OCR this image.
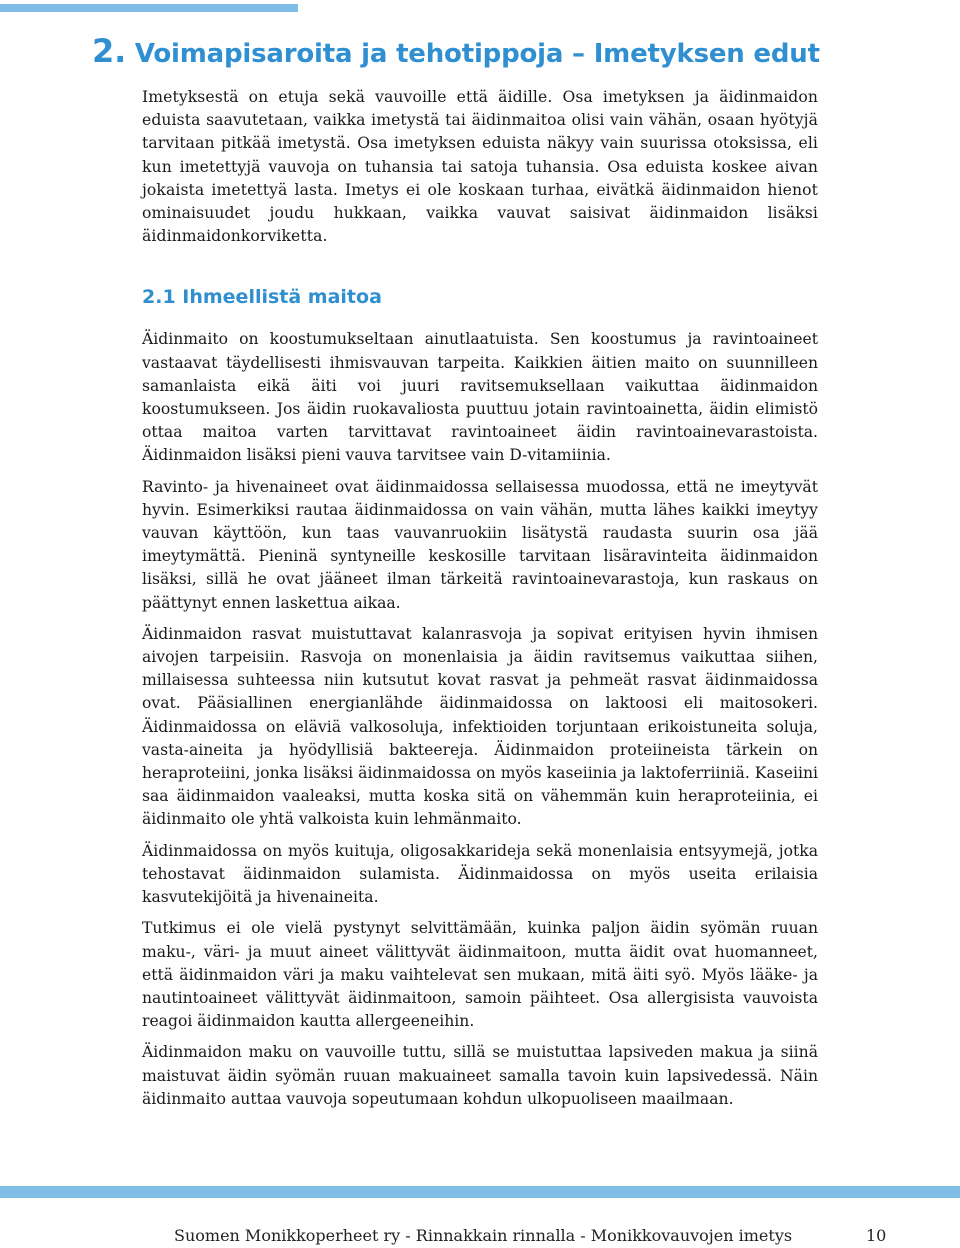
2. Voimapisaroita ja tehotippoja – Imetyksen edut

Imetyksestä on etuja sekä vauvoille että äidille. Osa imetyksen ja äidinmaidon eduista saavutetaan, vaikka imetystä tai äidinmaitoa olisi vain vähän, osaan hyötyjä tarvitaan pitkää imetystä. Osa imetyksen eduista näkyy vain suurissa otoksissa, eli kun imetettyjä vauvoja on tuhansia tai satoja tuhansia. Osa eduista koskee aivan jokaista imetettyä lasta. Imetys ei ole koskaan turhaa, eivätkä äidinmaidon hienot ominaisuudet joudu hukkaan, vaikka vauvat saisivat äidinmaidon lisäksi äidinmaidonkorviketta.

2.1 Ihmeellistä maitoa

Äidinmaito on koostumukseltaan ainutlaatuista. Sen koostumus ja ravintoaineet vastaavat täydellisesti ihmisvauvan tarpeita. Kaikkien äitien maito on suunnilleen samanlaista eikä äiti voi juuri ravitsemuksellaan vaikuttaa äidinmaidon koostumukseen. Jos äidin ruokavaliosta puuttuu jotain ravintoainetta, äidin elimistö ottaa maitoa varten tarvittavat ravintoaineet äidin ravintoainevarastoista. Äidinmaidon lisäksi pieni vauva tarvitsee vain D-vitamiinia.

Ravinto- ja hivenaineet ovat äidinmaidossa sellaisessa muodossa, että ne imeytyvät hyvin. Esimerkiksi rautaa äidinmaidossa on vain vähän, mutta lähes kaikki imeytyy vauvan käyttöön, kun taas vauvanruokiin lisätystä raudasta suurin osa jää imeytymättä. Pieninä syntyneille keskosille tarvitaan lisäravinteita äidinmaidon lisäksi, sillä he ovat jääneet ilman tärkeitä ravintoainevarastoja, kun raskaus on päättynyt ennen laskettua aikaa.

Äidinmaidon rasvat muistuttavat kalanrasvoja ja sopivat erityisen hyvin ihmisen aivojen tarpeisiin. Rasvoja on monenlaisia ja äidin ravitsemus vaikuttaa siihen, millaisessa suhteessa niin kutsutut kovat rasvat ja pehmeät rasvat äidinmaidossa ovat. Pääsiallinen energianlähde äidinmaidossa on laktoosi eli maitosokeri. Äidinmaidossa on eläviä valkosoluja, infektioiden torjuntaan erikoistuneita soluja, vasta-aineita ja hyödyllisiä bakteereja. Äidinmaidon proteiineista tärkein on heraproteiini, jonka lisäksi äidinmaidossa on myös kaseiinia ja laktoferriiniä. Kaseiini saa äidinmaidon vaaleaksi, mutta koska sitä on vähemmän kuin heraproteiinia, ei äidinmaito ole yhtä valkoista kuin lehmänmaito.

Äidinmaidossa on myös kuituja, oligosakkarideja sekä monenlaisia entsyymejä, jotka tehostavat äidinmaidon sulamista. Äidinmaidossa on myös useita erilaisia kasvutekijöitä ja hivenaineita.

Tutkimus ei ole vielä pystynyt selvittämään, kuinka paljon äidin syömän ruuan maku-, väri- ja muut aineet välittyvät äidinmaitoon, mutta äidit ovat huomanneet, että äidinmaidon väri ja maku vaihtelevat sen mukaan, mitä äiti syö. Myös lääke- ja nautintoaineet välittyvät äidinmaitoon, samoin päihteet. Osa allergisista vauvoista reagoi äidinmaidon kautta allergeeneihin.

Äidinmaidon maku on vauvoille tuttu, sillä se muistuttaa lapsiveden makua ja siinä maistuvat äidin syömän ruuan makuaineet samalla tavoin kuin lapsivedessä. Näin äidinmaito auttaa vauvoja sopeutumaan kohdun ulkopuoliseen maailmaan.

Suomen Monikkoperheet ry - Rinnakkain rinnalla - Monikkovauvojen imetys	10
